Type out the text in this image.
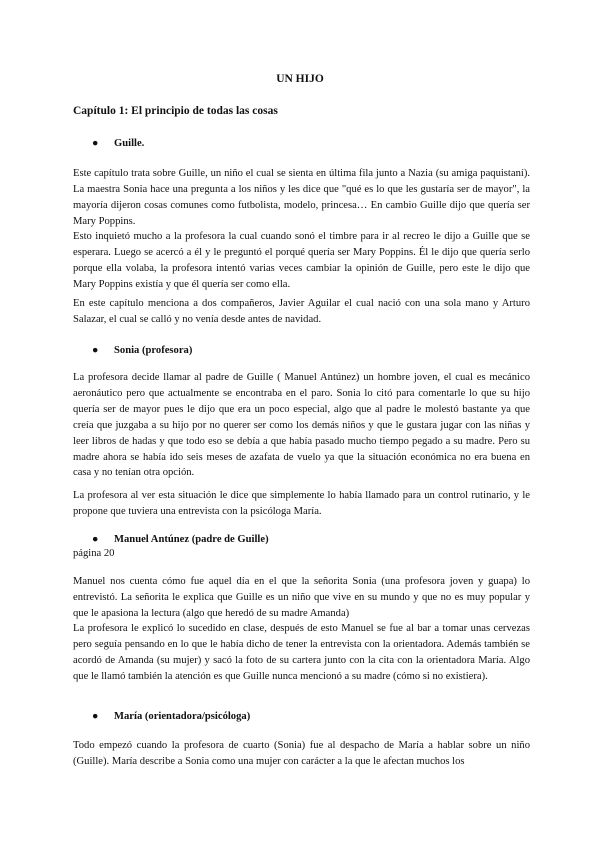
UN HIJO
Capítulo 1: El principio de todas las cosas
● Guille.
Este capítulo trata sobre Guille, un niño el cual se sienta en última fila junto a Nazia (su amiga paquistaní). La maestra Sonia hace una pregunta a los niños y les dice que "qué es lo que les gustaría ser de mayor", la mayoría dijeron cosas comunes como futbolista, modelo, princesa… En cambio Guille dijo que quería ser Mary Poppins.
Esto inquietó mucho a la profesora la cual cuando sonó el timbre para ir al recreo le dijo a Guille que se esperara. Luego se acercó a él y le preguntó el porqué quería ser Mary Poppins. Él le dijo que quería serlo porque ella volaba, la profesora intentó varias veces cambiar la opinión de Guille, pero este le dijo que Mary Poppins existía y que él quería ser como ella.
En este capítulo menciona a dos compañeros, Javier Aguilar el cual nació con una sola mano y Arturo Salazar, el cual se calló y no venía desde antes de navidad.
● Sonia (profesora)
La profesora decide llamar al padre de Guille ( Manuel Antúnez) un hombre joven, el cual es mecánico aeronáutico pero que actualmente se encontraba en el paro. Sonia lo citó para comentarle lo que su hijo quería ser de mayor pues le dijo que era un poco especial, algo que al padre le molestó bastante ya que creía que juzgaba a su hijo por no querer ser como los demás niños y que le gustara jugar con las niñas y leer libros de hadas y que todo eso se debía a que había pasado mucho tiempo pegado a su madre. Pero su madre ahora se había ido seis meses de azafata de vuelo ya que la situación económica no era buena en casa y no tenían otra opción.
La profesora al ver esta situación le dice que simplemente lo había llamado para un control rutinario, y le propone que tuviera una entrevista con la psicóloga María.
● Manuel Antúnez (padre de Guille)
página 20
Manuel nos cuenta cómo fue aquel día en el que la señorita Sonia (una profesora joven y guapa) lo entrevistó. La señorita le explica que Guille es un niño que vive en su mundo y que no es muy popular y que le apasiona la lectura (algo que heredó de su madre Amanda)
La profesora le explicó lo sucedido en clase, después de esto Manuel se fue al bar a tomar unas cervezas pero seguía pensando en lo que le había dicho de tener la entrevista con la orientadora. Además también se acordó de Amanda (su mujer) y sacó la foto de su cartera junto con la cita con la orientadora María. Algo que le llamó también la atención es que Guille nunca mencionó a su madre (cómo si no existiera).
● María (orientadora/psicóloga)
Todo empezó cuando la profesora de cuarto (Sonia) fue al despacho de María a hablar sobre un niño (Guille). María describe a Sonia como una mujer con carácter a la que le afectan muchos los
